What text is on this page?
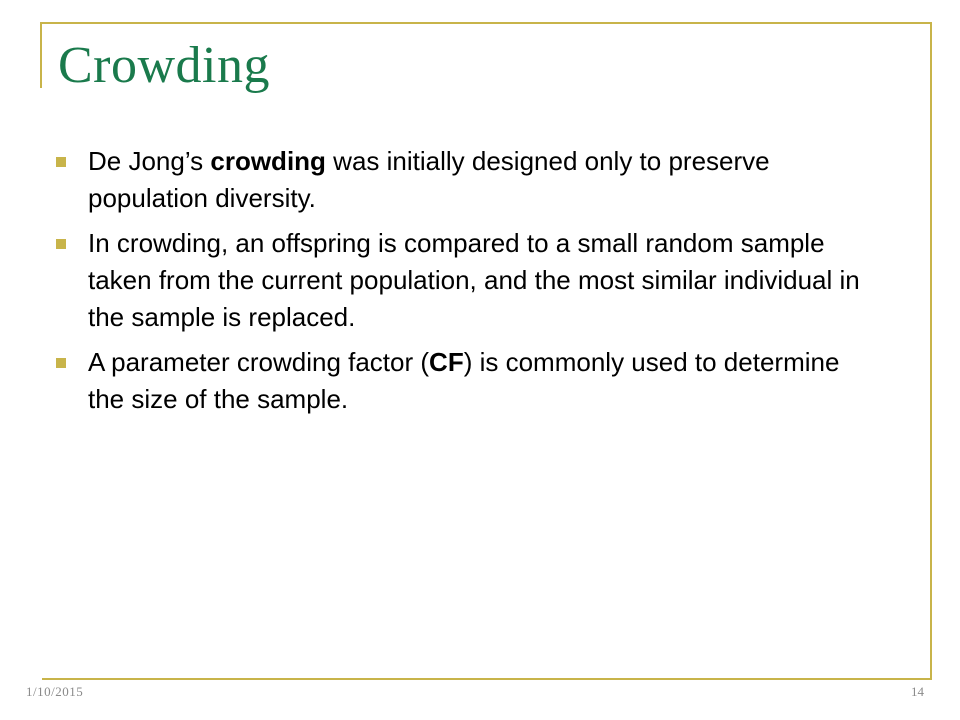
Crowding
De Jong’s crowding was initially designed only to preserve population diversity.
In crowding, an offspring is compared to a small random sample taken from the current population, and the most similar individual in the sample is replaced.
A parameter crowding factor (CF) is commonly used to determine the size of the sample.
1/10/2015	14
